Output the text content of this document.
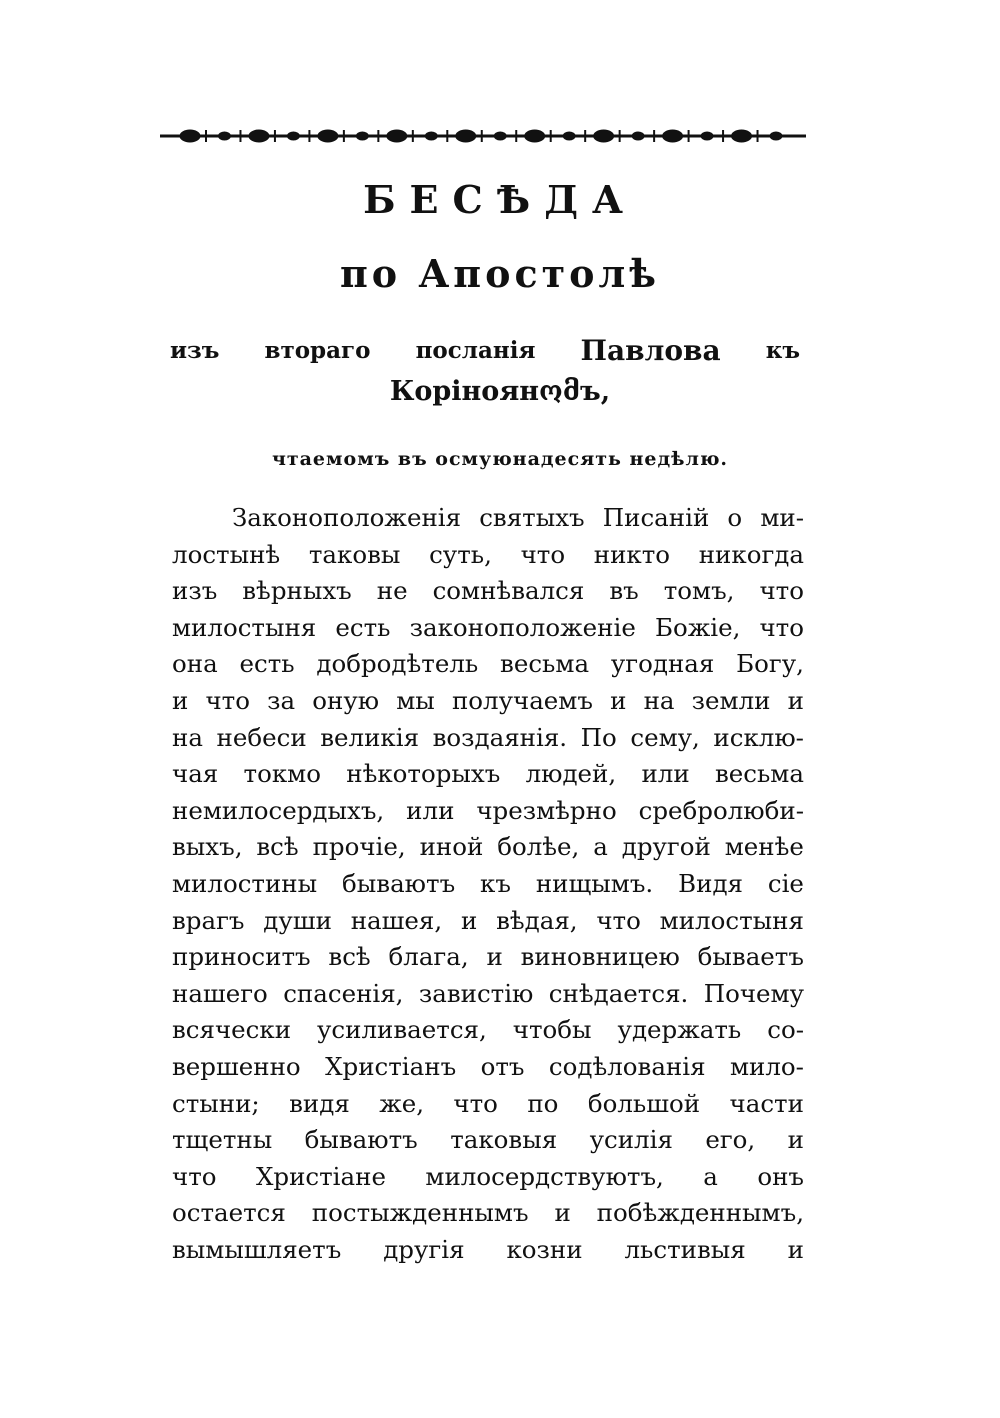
БЕСѢДА
по Апостолѣ
изъ втораго посланія Павлова къ
Коріноянომъ,
чтаемомъ въ осмуюнадесять недѣлю.
Законоположенія святыхъ Писаній о ми-
лостынѣ таковы суть, что никто никогда
изъ вѣрныхъ не сомнѣвался въ томъ, что
милостыня есть законоположеніе Божіе, что
она есть добродѣтель весьма угодная Богу,
и что за оную мы получаемъ и на земли и
на небеси великія воздаянія. По сему, исклю-
чая токмо нѣкоторыхъ людей, или весьма
немилосердыхъ, или чрезмѣрно сребролюби-
выхъ, всѣ прочіе, иной болѣе, а другой менѣе
милостины бываютъ къ нищымъ. Видя сіе
врагъ души нашея, и вѣдая, что милостыня
приноситъ всѣ блага, и виновницею бываетъ
нашего спасенія, завистію снѣдается. Почему
всячески усиливается, чтобы удержать со-
вершенно Христіанъ отъ содѣлованія мило-
стыни; видя же, что по большой части
тщетны бываютъ таковыя усилія его, и
что Христіане милосердствуютъ, а онъ
остается постыжденнымъ и побѣжденнымъ,
вымышляетъ другія козни льстивыя и
